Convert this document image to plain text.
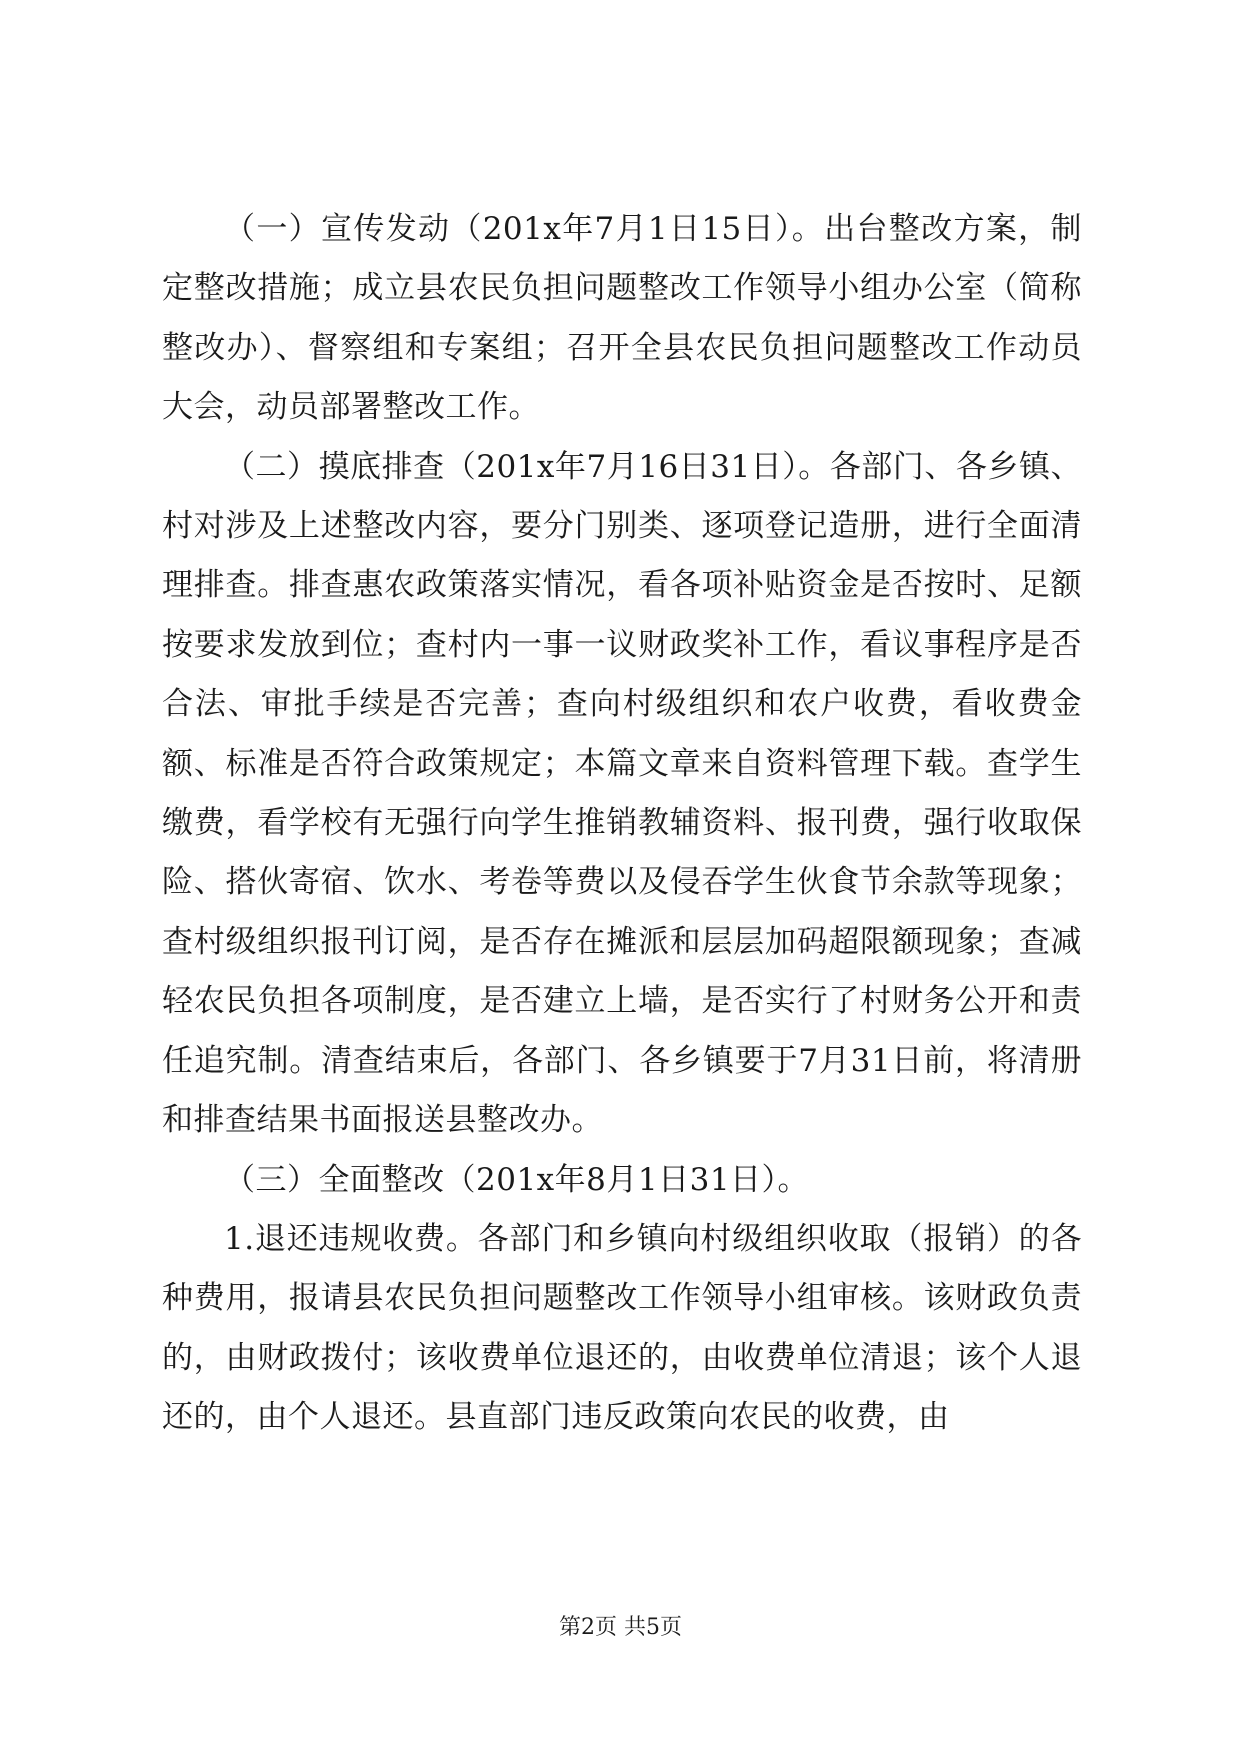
（一）宣传发动（201x年7月1日15日）。出台整改方案，制定整改措施；成立县农民负担问题整改工作领导小组办公室（简称整改办）、督察组和专案组；召开全县农民负担问题整改工作动员大会，动员部署整改工作。

（二）摸底排查（201x年7月16日31日）。各部门、各乡镇、村对涉及上述整改内容，要分门别类、逐项登记造册，进行全面清理排查。排查惠农政策落实情况，看各项补贴资金是否按时、足额按要求发放到位；查村内一事一议财政奖补工作，看议事程序是否合法、审批手续是否完善；查向村级组织和农户收费，看收费金额、标准是否符合政策规定；本篇文章来自资料管理下载。查学生缴费，看学校有无强行向学生推销教辅资料、报刊费，强行收取保险、搭伙寄宿、饮水、考卷等费以及侵吞学生伙食节余款等现象；查村级组织报刊订阅，是否存在摊派和层层加码超限额现象；查减轻农民负担各项制度，是否建立上墙，是否实行了村财务公开和责任追究制。清查结束后，各部门、各乡镇要于7月31日前，将清册和排查结果书面报送县整改办。

（三）全面整改（201x年8月1日31日）。

1.退还违规收费。各部门和乡镇向村级组织收取（报销）的各种费用，报请县农民负担问题整改工作领导小组审核。该财政负责的，由财政拨付；该收费单位退还的，由收费单位清退；该个人退还的，由个人退还。县直部门违反政策向农民的收费，由

第2页 共5页
